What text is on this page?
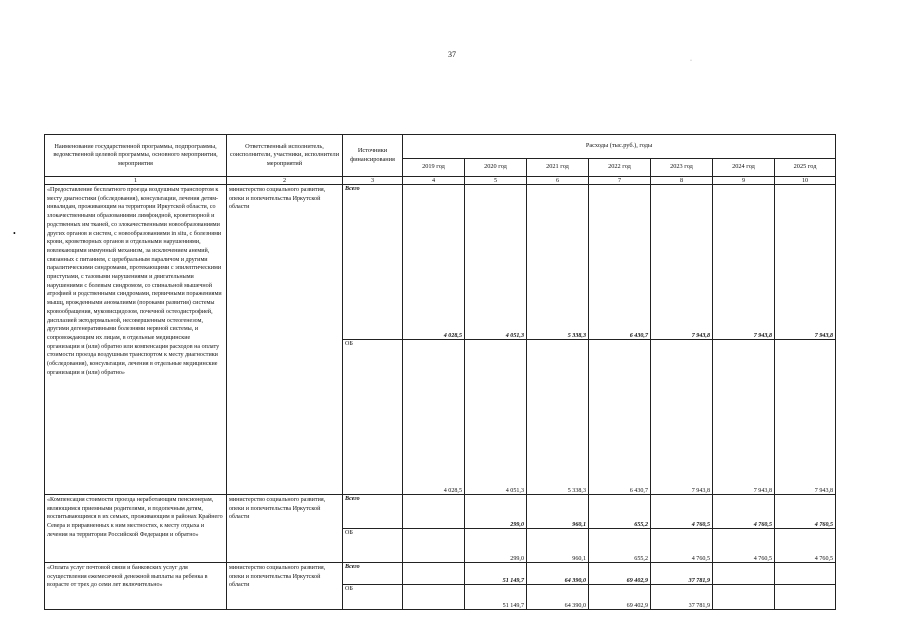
37
•
·
Наименование государственной программы, подпрограммы, ведомственной целевой программы, основного мероприятия, мероприятия	Ответственный исполнитель, соисполнители, участники, исполнители мероприятий	Источники финансирования	Расходы (тыс.руб.), годы						
			2019 год	2020 год	2021 год	2022 год	2023 год	2024 год	2025 год
1	2	3	4	5	6	7	8	9	10
«Предоставление бесплатного проезда воздушным транспортом к месту диагностики (обследования), консультации, лечения детям-инвалидам, проживающим на территории Иркутской области, со злокачественными образованиями лимфоидной, кроветворной и родственных им тканей, со злокачественными новообразованиями других органов и систем, с новообразованиями in situ, с болезнями крови, кроветворных органов и отдельными нарушениями, вовлекающими иммунный механизм, за исключением анемий, связанных с питанием, с церебральным параличом и другими паралитическими синдромами, протекающими с эпилептическими приступами, с тазовыми нарушениями и двигательными нарушениями с болевым синдромом, со спинальной мышечной атрофией и родственными синдромами, первичными поражениями мышц, врожденными аномалиями (пороками развития) системы кровообращения, муковисцидозом, почечной остеодистрофией, дисплазией эктодермальной, несовершенным остеогенезом, другими дегенеративными болезнями нервной системы, и сопровождающим их лицам, в отдельные медицинские организации и (или) обратно или компенсация расходов на оплату стоимости проезда воздушным транспортом к месту диагностики (обследования), консультации, лечения в отдельные медицинские организации и (или) обратно»	министерство социального развития, опеки и попечительства Иркутской области	Всего	4 028,5	4 051,3	5 338,3	6 430,7	7 943,8	7 943,8	7 943,8
		ОБ	4 028,5	4 051,3	5 338,3	6 430,7	7 943,8	7 943,8	7 943,8
«Компенсация стоимости проезда неработающим пенсионерам, являющимся приемными родителями, и подопечным детям, воспитывающимся в их семьях, проживающим в районах Крайнего Севера и приравненных к ним местностях, к месту отдыха и лечения на территории Российской Федерации и обратно»	министерство социального развития, опеки и попечительства Иркутской области	Всего		299,0	960,1	655,2	4 760,5	4 760,5	4 760,5
		ОБ		299,0	960,1	655,2	4 760,5	4 760,5	4 760,5
«Оплата услуг почтовой связи и банковских услуг для осуществления ежемесячной денежной выплаты на ребенка в возрасте от трех до семи лет включительно»	министерство социального развития, опеки и попечительства Иркутской области	Всего		51 149,7	64 390,0	69 402,9	37 781,9		
		ОБ		51 149,7	64 390,0	69 402,9	37 781,9		
